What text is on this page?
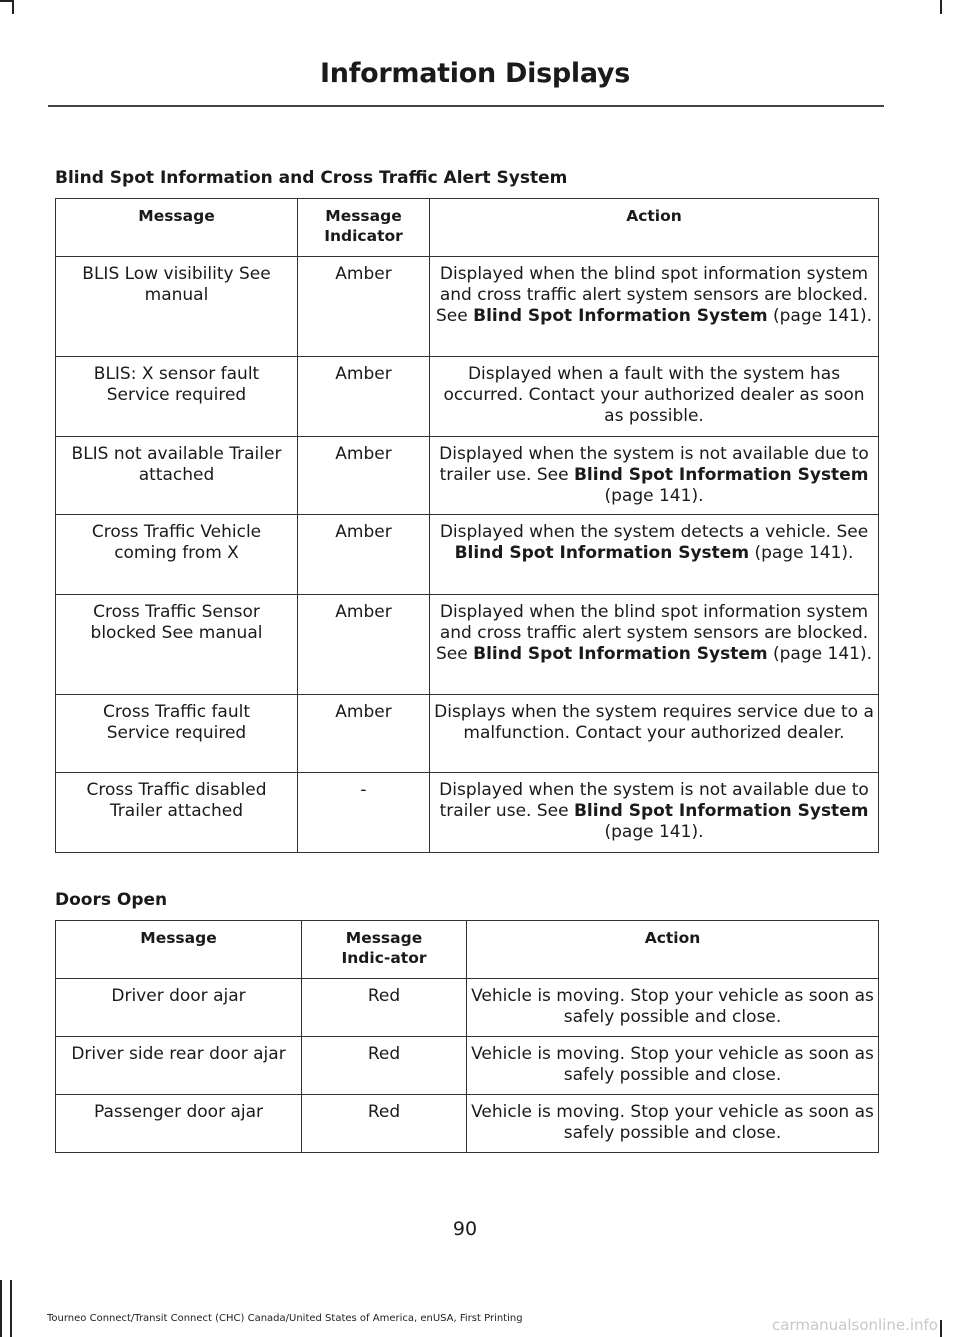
Information Displays
Blind Spot Information and Cross Traffic Alert System
Message	Message Indicator	Action
BLIS Low visibility See manual	Amber	Displayed when the blind spot information system and cross traffic alert system sensors are blocked. See Blind Spot Information System (page 141).
BLIS: X sensor fault Service required	Amber	Displayed when a fault with the system has occurred. Contact your authorized dealer as soon as possible.
BLIS not available Trailer attached	Amber	Displayed when the system is not available due to trailer use. See Blind Spot Information System (page 141).
Cross Traffic Vehicle coming from X	Amber	Displayed when the system detects a vehicle. See Blind Spot Information System (page 141).
Cross Traffic Sensor blocked See manual	Amber	Displayed when the blind spot information system and cross traffic alert system sensors are blocked. See Blind Spot Information System (page 141).
Cross Traffic fault Service required	Amber	Displays when the system requires service due to a malfunction. Contact your authorized dealer.
Cross Traffic disabled Trailer attached	-	Displayed when the system is not available due to trailer use. See Blind Spot Information System (page 141).
Doors Open
Message	Message Indic-ator	Action
Driver door ajar	Red	Vehicle is moving. Stop your vehicle as soon as safely possible and close.
Driver side rear door ajar	Red	Vehicle is moving. Stop your vehicle as soon as safely possible and close.
Passenger door ajar	Red	Vehicle is moving. Stop your vehicle as soon as safely possible and close.
90
Tourneo Connect/Transit Connect (CHC) Canada/United States of America, enUSA, First Printing	carmanualsonline.info
